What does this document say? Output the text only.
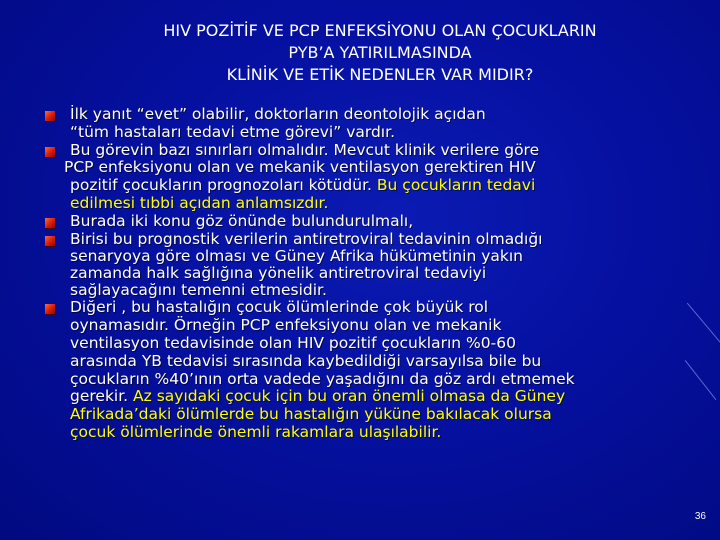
HIV POZİTİF VE PCP ENFEKSİYONU OLAN ÇOCUKLARIN
PYB’A YATIRILMASINDA
KLİNİK VE ETİK NEDENLER VAR MIDIR?
İlk yanıt “evet” olabilir, doktorların deontolojik açıdan
“tüm hastaları tedavi etme görevi” vardır.
Bu görevin bazı sınırları olmalıdır. Mevcut klinik verilere göre
PCP enfeksiyonu olan ve mekanik ventilasyon gerektiren HIV
pozitif çocukların prognozoları kötüdür. Bu çocukların tedavi
edilmesi tıbbi açıdan anlamsızdır.
Burada iki konu göz önünde bulundurulmalı,
Birisi bu prognostik verilerin antiretroviral tedavinin olmadığı
senaryoya göre olması ve Güney Afrika hükümetinin yakın
zamanda halk sağlığına yönelik antiretroviral tedaviyi
sağlayacağını temenni etmesidir.
Diğeri , bu hastalığın çocuk ölümlerinde çok büyük rol
oynamasıdır. Örneğin PCP enfeksiyonu olan ve mekanik
ventilasyon tedavisinde olan HIV pozitif çocukların %0-60
arasında YB tedavisi sırasında kaybedildiği varsayılsa bile bu
çocukların %40’ının orta vadede yaşadığını da göz ardı etmemek
gerekir. Az sayıdaki çocuk için bu oran önemli olmasa da Güney
Afrikada’daki ölümlerde bu hastalığın yüküne bakılacak olursa
çocuk ölümlerinde önemli rakamlara ulaşılabilir.
36
